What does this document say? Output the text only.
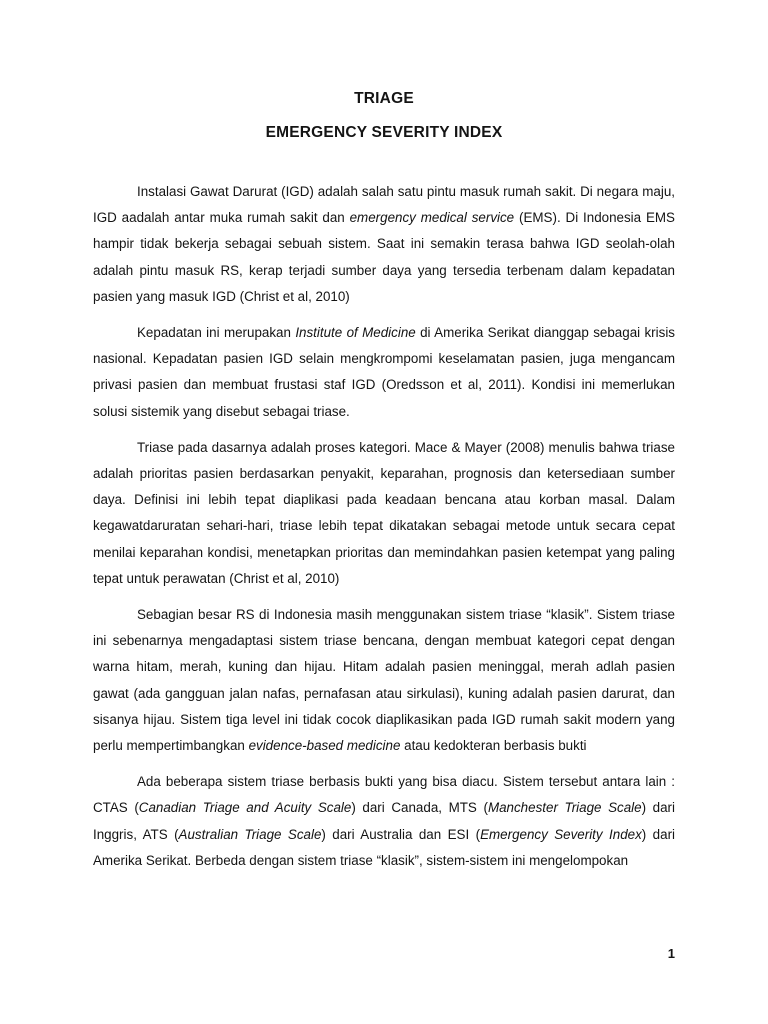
TRIAGE
EMERGENCY SEVERITY INDEX

Instalasi Gawat Darurat (IGD) adalah salah satu pintu masuk rumah sakit. Di negara maju, IGD aadalah antar muka rumah sakit dan emergency medical service (EMS). Di Indonesia EMS hampir tidak bekerja sebagai sebuah sistem. Saat ini semakin terasa bahwa IGD seolah-olah adalah pintu masuk RS, kerap terjadi sumber daya yang tersedia terbenam dalam kepadatan pasien yang masuk IGD (Christ et al, 2010)

Kepadatan ini merupakan Institute of Medicine di Amerika Serikat dianggap sebagai krisis nasional. Kepadatan pasien IGD selain mengkrompomi keselamatan pasien, juga mengancam privasi pasien dan membuat frustasi staf IGD (Oredsson et al, 2011). Kondisi ini memerlukan solusi sistemik yang disebut sebagai triase.

Triase pada dasarnya adalah proses kategori. Mace & Mayer (2008) menulis bahwa triase adalah prioritas pasien berdasarkan penyakit, keparahan, prognosis dan ketersediaan sumber daya. Definisi ini lebih tepat diaplikasi pada keadaan bencana atau korban masal. Dalam kegawatdaruratan sehari-hari, triase lebih tepat dikatakan sebagai metode untuk secara cepat menilai keparahan kondisi, menetapkan prioritas dan memindahkan pasien ketempat yang paling tepat untuk perawatan (Christ et al, 2010)

Sebagian besar RS di Indonesia masih menggunakan sistem triase “klasik”. Sistem triase ini sebenarnya mengadaptasi sistem triase bencana, dengan membuat kategori cepat dengan warna hitam, merah, kuning dan hijau. Hitam adalah pasien meninggal, merah adlah pasien gawat (ada gangguan jalan nafas, pernafasan atau sirkulasi), kuning adalah pasien darurat, dan sisanya hijau. Sistem tiga level ini tidak cocok diaplikasikan pada IGD rumah sakit modern yang perlu mempertimbangkan evidence-based medicine atau kedokteran berbasis bukti

Ada beberapa sistem triase berbasis bukti yang bisa diacu. Sistem tersebut antara lain : CTAS (Canadian Triage and Acuity Scale) dari Canada, MTS (Manchester Triage Scale) dari Inggris, ATS (Australian Triage Scale) dari Australia dan ESI (Emergency Severity Index) dari Amerika Serikat. Berbeda dengan sistem triase “klasik”, sistem-sistem ini mengelompokan

1
